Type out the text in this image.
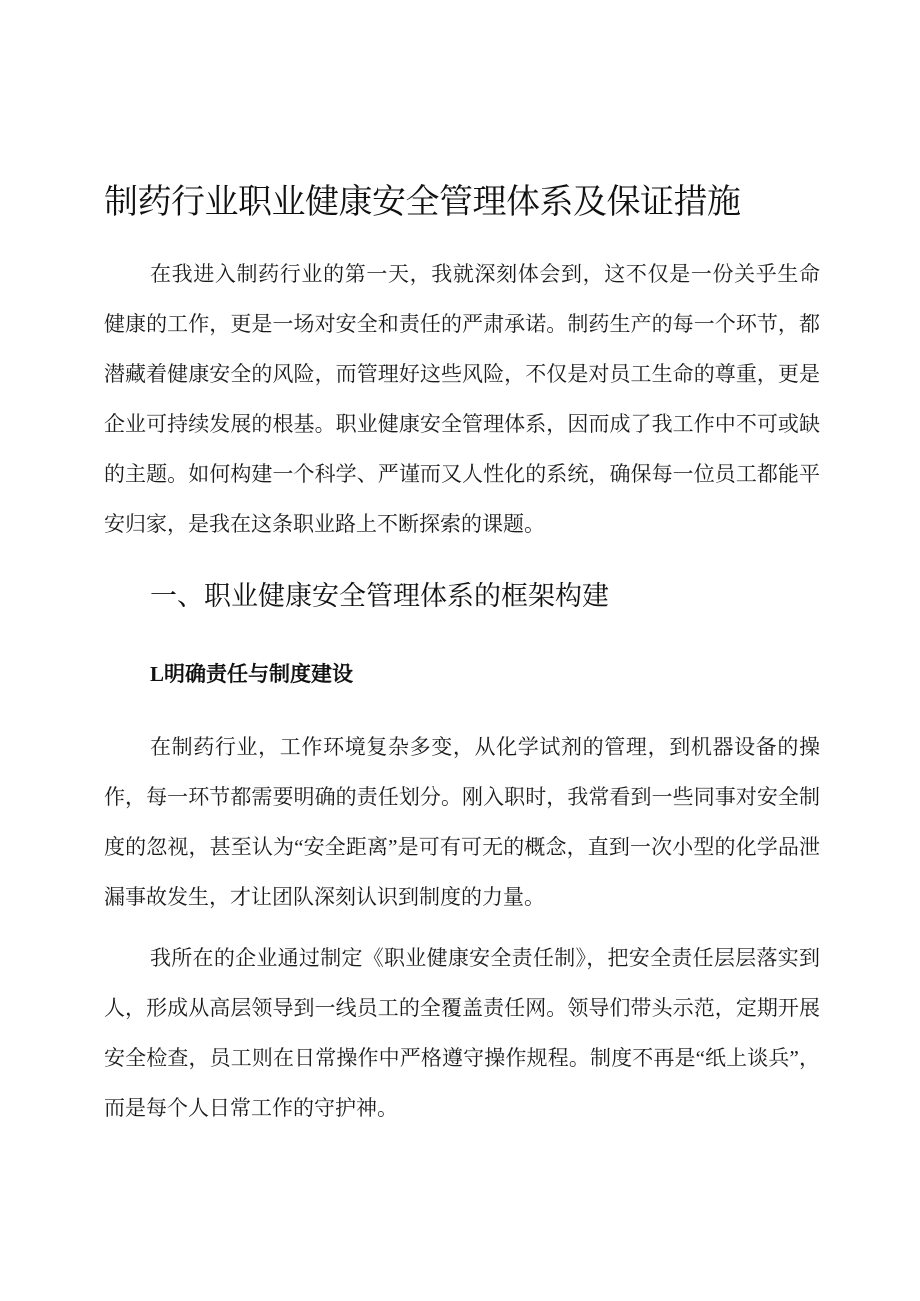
制药行业职业健康安全管理体系及保证措施

在我进入制药行业的第一天，我就深刻体会到，这不仅是一份关乎生命健康的工作，更是一场对安全和责任的严肃承诺。制药生产的每一个环节，都潜藏着健康安全的风险，而管理好这些风险，不仅是对员工生命的尊重，更是企业可持续发展的根基。职业健康安全管理体系，因而成了我工作中不可或缺的主题。如何构建一个科学、严谨而又人性化的系统，确保每一位员工都能平安归家，是我在这条职业路上不断探索的课题。

一、职业健康安全管理体系的框架构建
L明确责任与制度建设

在制药行业，工作环境复杂多变，从化学试剂的管理，到机器设备的操作，每一环节都需要明确的责任划分。刚入职时，我常看到一些同事对安全制度的忽视，甚至认为“安全距离”是可有可无的概念，直到一次小型的化学品泄漏事故发生，才让团队深刻认识到制度的力量。

我所在的企业通过制定《职业健康安全责任制》，把安全责任层层落实到人，形成从高层领导到一线员工的全覆盖责任网。领导们带头示范，定期开展安全检查，员工则在日常操作中严格遵守操作规程。制度不再是“纸上谈兵”，而是每个人日常工作的守护神。
